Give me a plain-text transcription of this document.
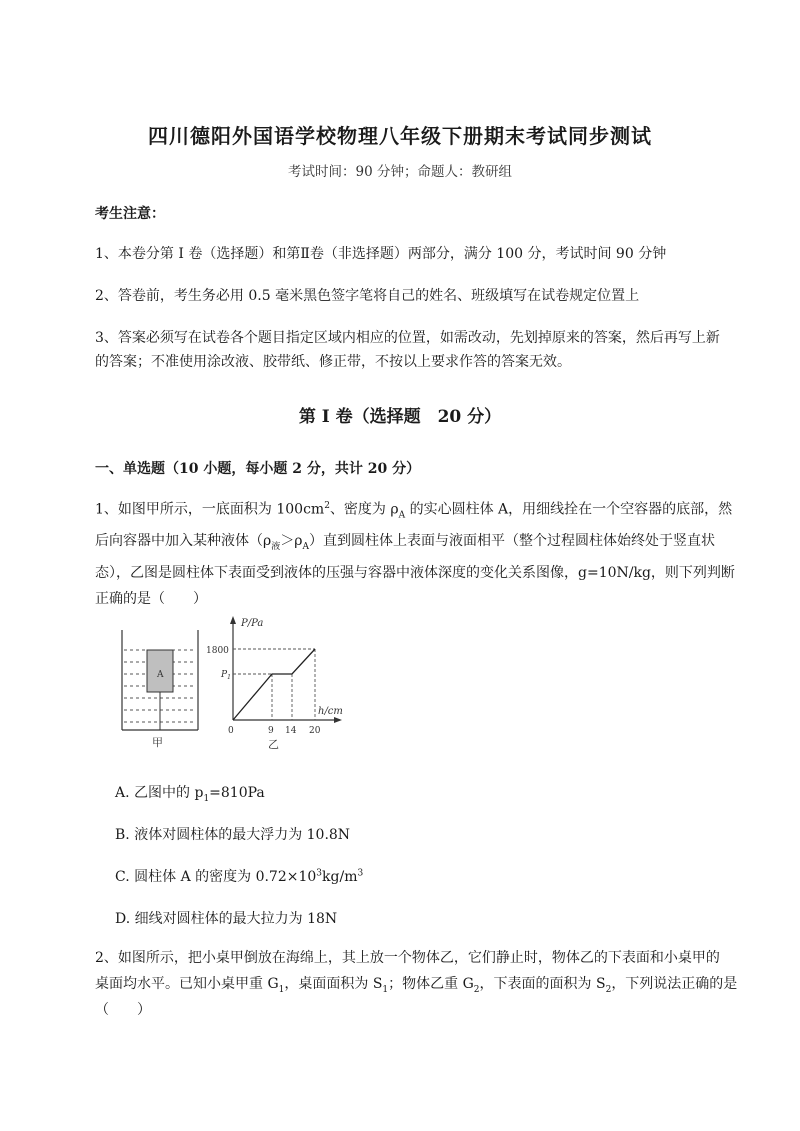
四川德阳外国语学校物理八年级下册期末考试同步测试
考试时间：90 分钟；命题人：教研组
考生注意：
1、本卷分第 I 卷（选择题）和第Ⅱ卷（非选择题）两部分，满分 100 分，考试时间 90 分钟
2、答卷前，考生务必用 0.5 毫米黑色签字笔将自己的姓名、班级填写在试卷规定位置上
3、答案必须写在试卷各个题目指定区域内相应的位置，如需改动，先划掉原来的答案，然后再写上新的答案；不准使用涂改液、胶带纸、修正带，不按以上要求作答的答案无效。
第 I 卷（选择题　20 分）
一、单选题（10 小题，每小题 2 分，共计 20 分）
1、如图甲所示，一底面积为 $100cm^2$、密度为 $\rho_A$ 的实心圆柱体 A，用细线拴在一个空容器的底部，然后向容器中加入某种液体$(\rho_液>\rho_A)$直到圆柱体上表面与液面相平（整个过程圆柱体始终处于竖直状态），乙图是圆柱体下表面受到液体的压强与容器中液体深度的变化关系图像，g=10N/kg，则下列判断正确的是（　　）
A
甲
P/Pa
h/cm
1800
$P_1$
0	9 14 20
乙
A. 乙图中的 $p_1=810Pa$
B. 液体对圆柱体的最大浮力为 10.8N
C. 圆柱体 A 的密度为 $0.72\times 10^3kg/m^3$
D. 细线对圆柱体的最大拉力为 18N
2、如图所示，把小桌甲倒放在海绵上，其上放一个物体乙，它们静止时，物体乙的下表面和小桌甲的
桌面均水平。已知小桌甲重 $G_1$，桌面面积为 $S_1$；物体乙重 $G_2$，下表面的面积为 $S_2$，下列说法正确的是
（　　）
